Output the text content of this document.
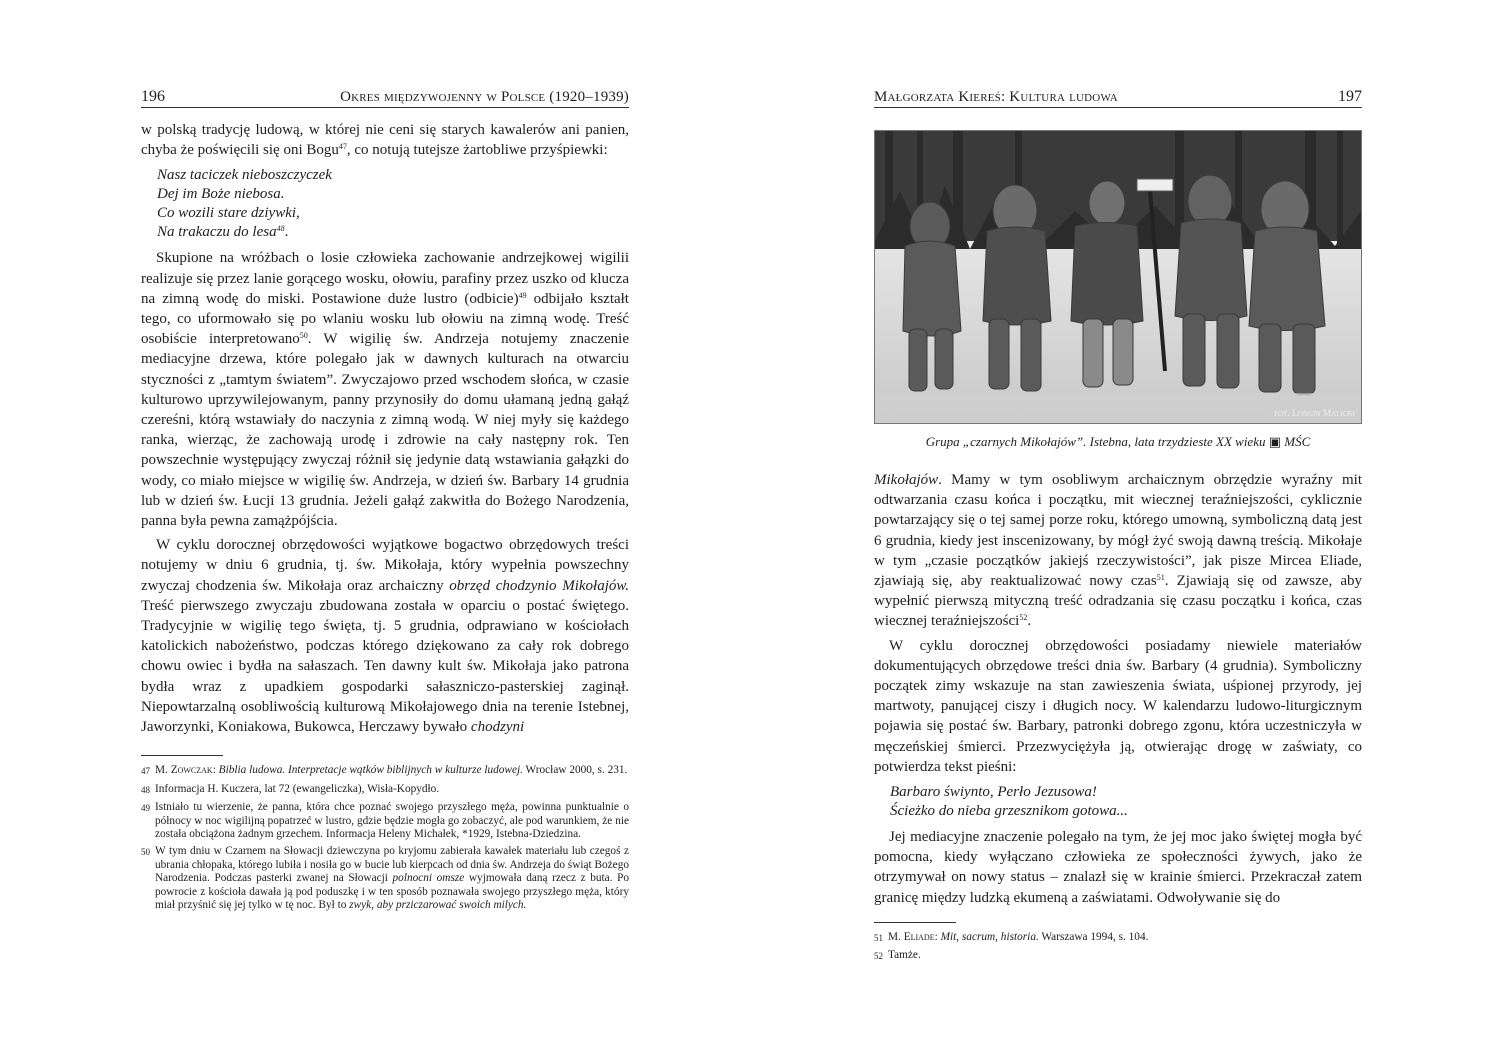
196	Okres międzywojenny w Polsce (1920–1939)

w polską tradycję ludową, w której nie ceni się starych kawalerów ani panien, chyba że poświęcili się oni Bogu$^{47}$, co notują tutejsze żartobliwe przyśpiewki:

Nasz taciczek nieboszczyczek
Dej im Boże niebosa.
Co wozili stare dziywki,
Na trakaczu do lesa$^{48}$.

Skupione na wróżbach o losie człowieka zachowanie andrzejkowej wigilii realizuje się przez lanie gorącego wosku, ołowiu, parafiny przez uszko od klucza na zimną wodę do miski. Postawione duże lustro (odbicie)$^{49}$ odbijało kształt tego, co uformowało się po wlaniu wosku lub ołowiu na zimną wodę. Treść osobiście interpretowano$^{50}$. W wigilię św. Andrzeja notujemy znaczenie mediacyjne drzewa, które polegało jak w dawnych kulturach na otwarciu styczności z „tamtym światem”. Zwyczajowo przed wschodem słońca, w czasie kulturowo uprzywilejowanym, panny przynosiły do domu ułamaną jedną gałąź czereśni, którą wstawiały do naczynia z zimną wodą. W niej myły się każdego ranka, wierząc, że zachowają urodę i zdrowie na cały następny rok. Ten powszechnie występujący zwyczaj różnił się jedynie datą wstawiania gałązki do wody, co miało miejsce w wigilię św. Andrzeja, w dzień św. Barbary 14 grudnia lub w dzień św. Łucji 13 grudnia. Jeżeli gałąź zakwitła do Bożego Narodzenia, panna była pewna zamążpójścia.

W cyklu dorocznej obrzędowości wyjątkowe bogactwo obrzędowych treści notujemy w dniu 6 grudnia, tj. św. Mikołaja, który wypełnia powszechny zwyczaj chodzenia św. Mikołaja oraz archaiczny obrzęd chodzynio Mikołajów. Treść pierwszego zwyczaju zbudowana została w oparciu o postać świętego. Tradycyjnie w wigilię tego święta, tj. 5 grudnia, odprawiano w kościołach katolickich nabożeństwo, podczas którego dziękowano za cały rok dobrego chowu owiec i bydła na sałaszach. Ten dawny kult św. Mikołaja jako patrona bydła wraz z upadkiem gospodarki sałaszniczo-pasterskiej zaginął. Niepowtarzalną osobliwością kulturową Mikołajowego dnia na terenie Istebnej, Jaworzynki, Koniakowa, Bukowca, Herczawy bywało chodzyni

47 M. Zowczak: Biblia ludowa. Interpretacje wątków biblijnych w kulturze ludowej. Wrocław 2000, s. 231.
48 Informacja H. Kuczera, lat 72 (ewangeliczka), Wisła-Kopydło.
49 Istniało tu wierzenie, że panna, która chce poznać swojego przyszłego męża, powinna punktualnie o północy w noc wigilijną popatrzeć w lustro, gdzie będzie mogła go zobaczyć, ale pod warunkiem, że nie została obciążona żadnym grzechem. Informacja Heleny Michałek, *1929, Istebna-Dziedzina.
50 W tym dniu w Czarnem na Słowacji dziewczyna po kryjomu zabierała kawałek materiału lub czegoś z ubrania chłopaka, którego lubiła i nosiła go w bucie lub kierpcach od dnia św. Andrzeja do świąt Bożego Narodzenia. Podczas pasterki zwanej na Słowacji polnocni omsze wyjmowała daną rzecz z buta. Po powrocie z kościoła dawała ją pod poduszkę i w ten sposób poznawała swojego przyszłego męża, który miał przyśnić się jej tylko w tę noc. Był to zwyk, aby prziczarować swoich milych.
Małgorzata Kiereś: Kultura ludowa	197
fot. Longin Malicki
Grupa „czarnych Mikołajów”. Istebna, lata trzydzieste XX wieku ▣ MŚC

Mikołajów. Mamy w tym osobliwym archaicznym obrzędzie wyraźny mit odtwarzania czasu końca i początku, mit wiecznej teraźniejszości, cyklicznie powtarzający się o tej samej porze roku, którego umowną, symboliczną datą jest 6 grudnia, kiedy jest inscenizowany, by mógł żyć swoją dawną treścią. Mikołaje w tym „czasie początków jakiejś rzeczywistości”, jak pisze Mircea Eliade, zjawiają się, aby reaktualizować nowy czas$^{51}$. Zjawiają się od zawsze, aby wypełnić pierwszą mityczną treść odradzania się czasu początku i końca, czas wiecznej teraźniejszości$^{52}$.

W cyklu dorocznej obrzędowości posiadamy niewiele materiałów dokumentujących obrzędowe treści dnia św. Barbary (4 grudnia). Symboliczny początek zimy wskazuje na stan zawieszenia świata, uśpionej przyrody, jej martwoty, panującej ciszy i długich nocy. W kalendarzu ludowo-liturgicznym pojawia się postać św. Barbary, patronki dobrego zgonu, która uczestniczyła w męczeńskiej śmierci. Przezwyciężyła ją, otwierając drogę w zaświaty, co potwierdza tekst pieśni:

Barbaro świynto, Perło Jezusowa!
Ścieżko do nieba grzesznikom gotowa...

Jej mediacyjne znaczenie polegało na tym, że jej moc jako świętej mogła być pomocna, kiedy wyłączano człowieka ze społeczności żywych, jako że otrzymywał on nowy status – znalazł się w krainie śmierci. Przekraczał zatem granicę między ludzką ekumeną a zaświatami. Odwoływanie się do

51 M. Eliade: Mit, sacrum, historia. Warszawa 1994, s. 104.
52 Tamże.
